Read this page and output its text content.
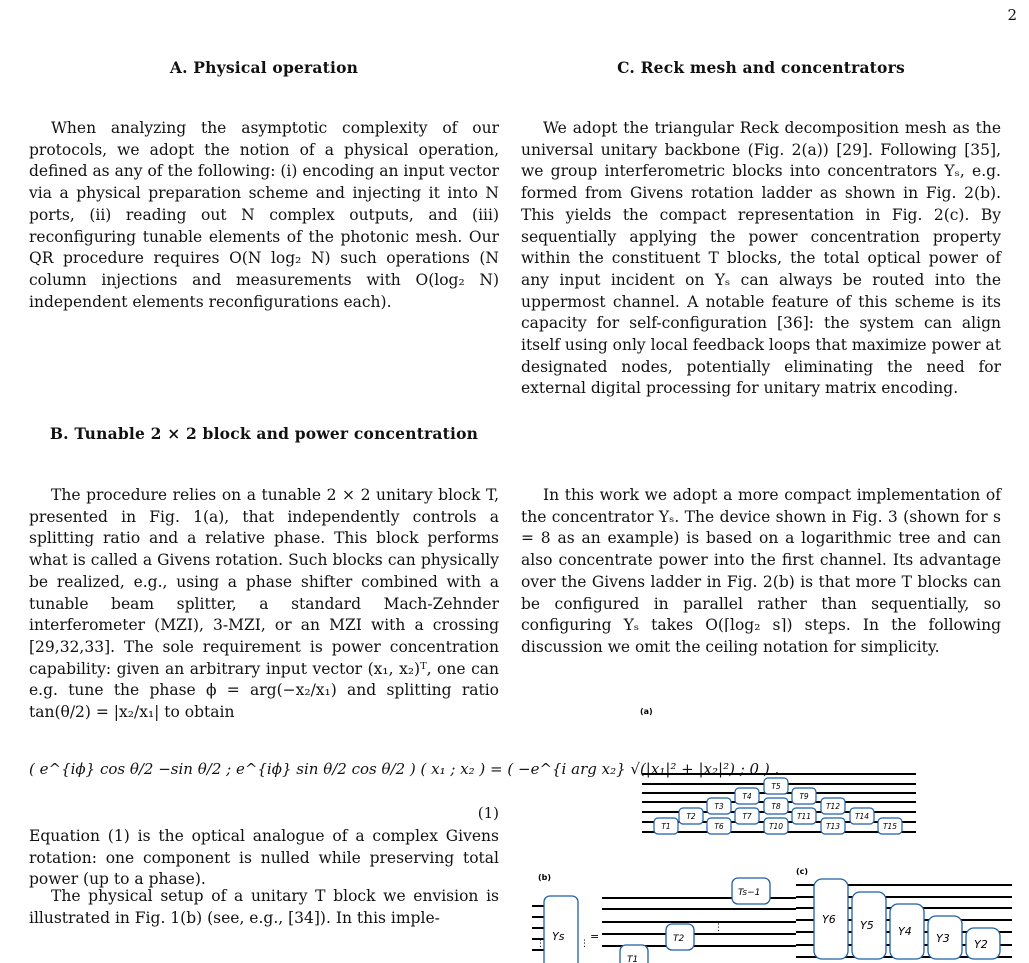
2
A. Physical operation

When analyzing the asymptotic complexity of our protocols, we adopt the notion of a physical operation, defined as any of the following: (i) encoding an input vector via a physical preparation scheme and injecting it into N ports, (ii) reading out N complex outputs, and (iii) reconfiguring tunable elements of the photonic mesh. Our QR procedure requires O(N log₂ N) such operations (N column injections and measurements with O(log₂ N) independent elements reconfigurations each).

B. Tunable 2 × 2 block and power concentration

The procedure relies on a tunable 2 × 2 unitary block T, presented in Fig. 1(a), that independently controls a splitting ratio and a relative phase. This block performs what is called a Givens rotation. Such blocks can physically be realized, e.g., using a phase shifter combined with a tunable beam splitter, a standard Mach-Zehnder interferometer (MZI), 3-MZI, or an MZI with a crossing [29,32,33]. The sole requirement is power concentration capability: given an arbitrary input vector (x₁, x₂)ᵀ, one can e.g. tune the phase ϕ = arg(−x₂/x₁) and splitting ratio tan(θ/2) = |x₂/x₁| to obtain

( e^{iϕ} cos θ/2 −sin θ/2 ; e^{iϕ} sin θ/2 cos θ/2 ) ( x₁ ; x₂ ) = ( −e^{i arg x₂} √(|x₁|² + |x₂|²) ; 0 ) .
(1)

Equation (1) is the optical analogue of a complex Givens rotation: one component is nulled while preserving total power (up to a phase).

The physical setup of a unitary T block we envision is illustrated in Fig. 1(b) (see, e.g., [34]). In this imple-

C. Reck mesh and concentrators

We adopt the triangular Reck decomposition mesh as the universal unitary backbone (Fig. 2(a)) [29]. Following [35], we group interferometric blocks into concentrators Yₛ, e.g. formed from Givens rotation ladder as shown in Fig. 2(b). This yields the compact representation in Fig. 2(c). By sequentially applying the power concentration property within the constituent T blocks, the total optical power of any input incident on Yₛ can always be routed into the uppermost channel. A notable feature of this scheme is its capacity for self-configuration [36]: the system can align itself using only local feedback loops that maximize power at designated nodes, potentially eliminating the need for external digital processing for unitary matrix encoding.

In this work we adopt a more compact implementation of the concentrator Yₛ. The device shown in Fig. 3 (shown for s = 8 as an example) is based on a logarithmic tree and can also concentrate power into the first channel. Its advantage over the Givens ladder in Fig. 2(b) is that more T blocks can be configured in parallel rather than sequentially, so configuring Yₛ takes O(⌈log₂ s⌉) steps. In the following discussion we omit the ceiling notation for simplicity.

(a)
(b)
(c)
T1
T2
T3
T4
T5
T6
T7
T8
T9
T10
T11
T12
T13
T14
T15
Ys
⋮	⋮
=
T1
T2
⋮
Ts−1
Y6 Y5 Y4
Y3 Y2
